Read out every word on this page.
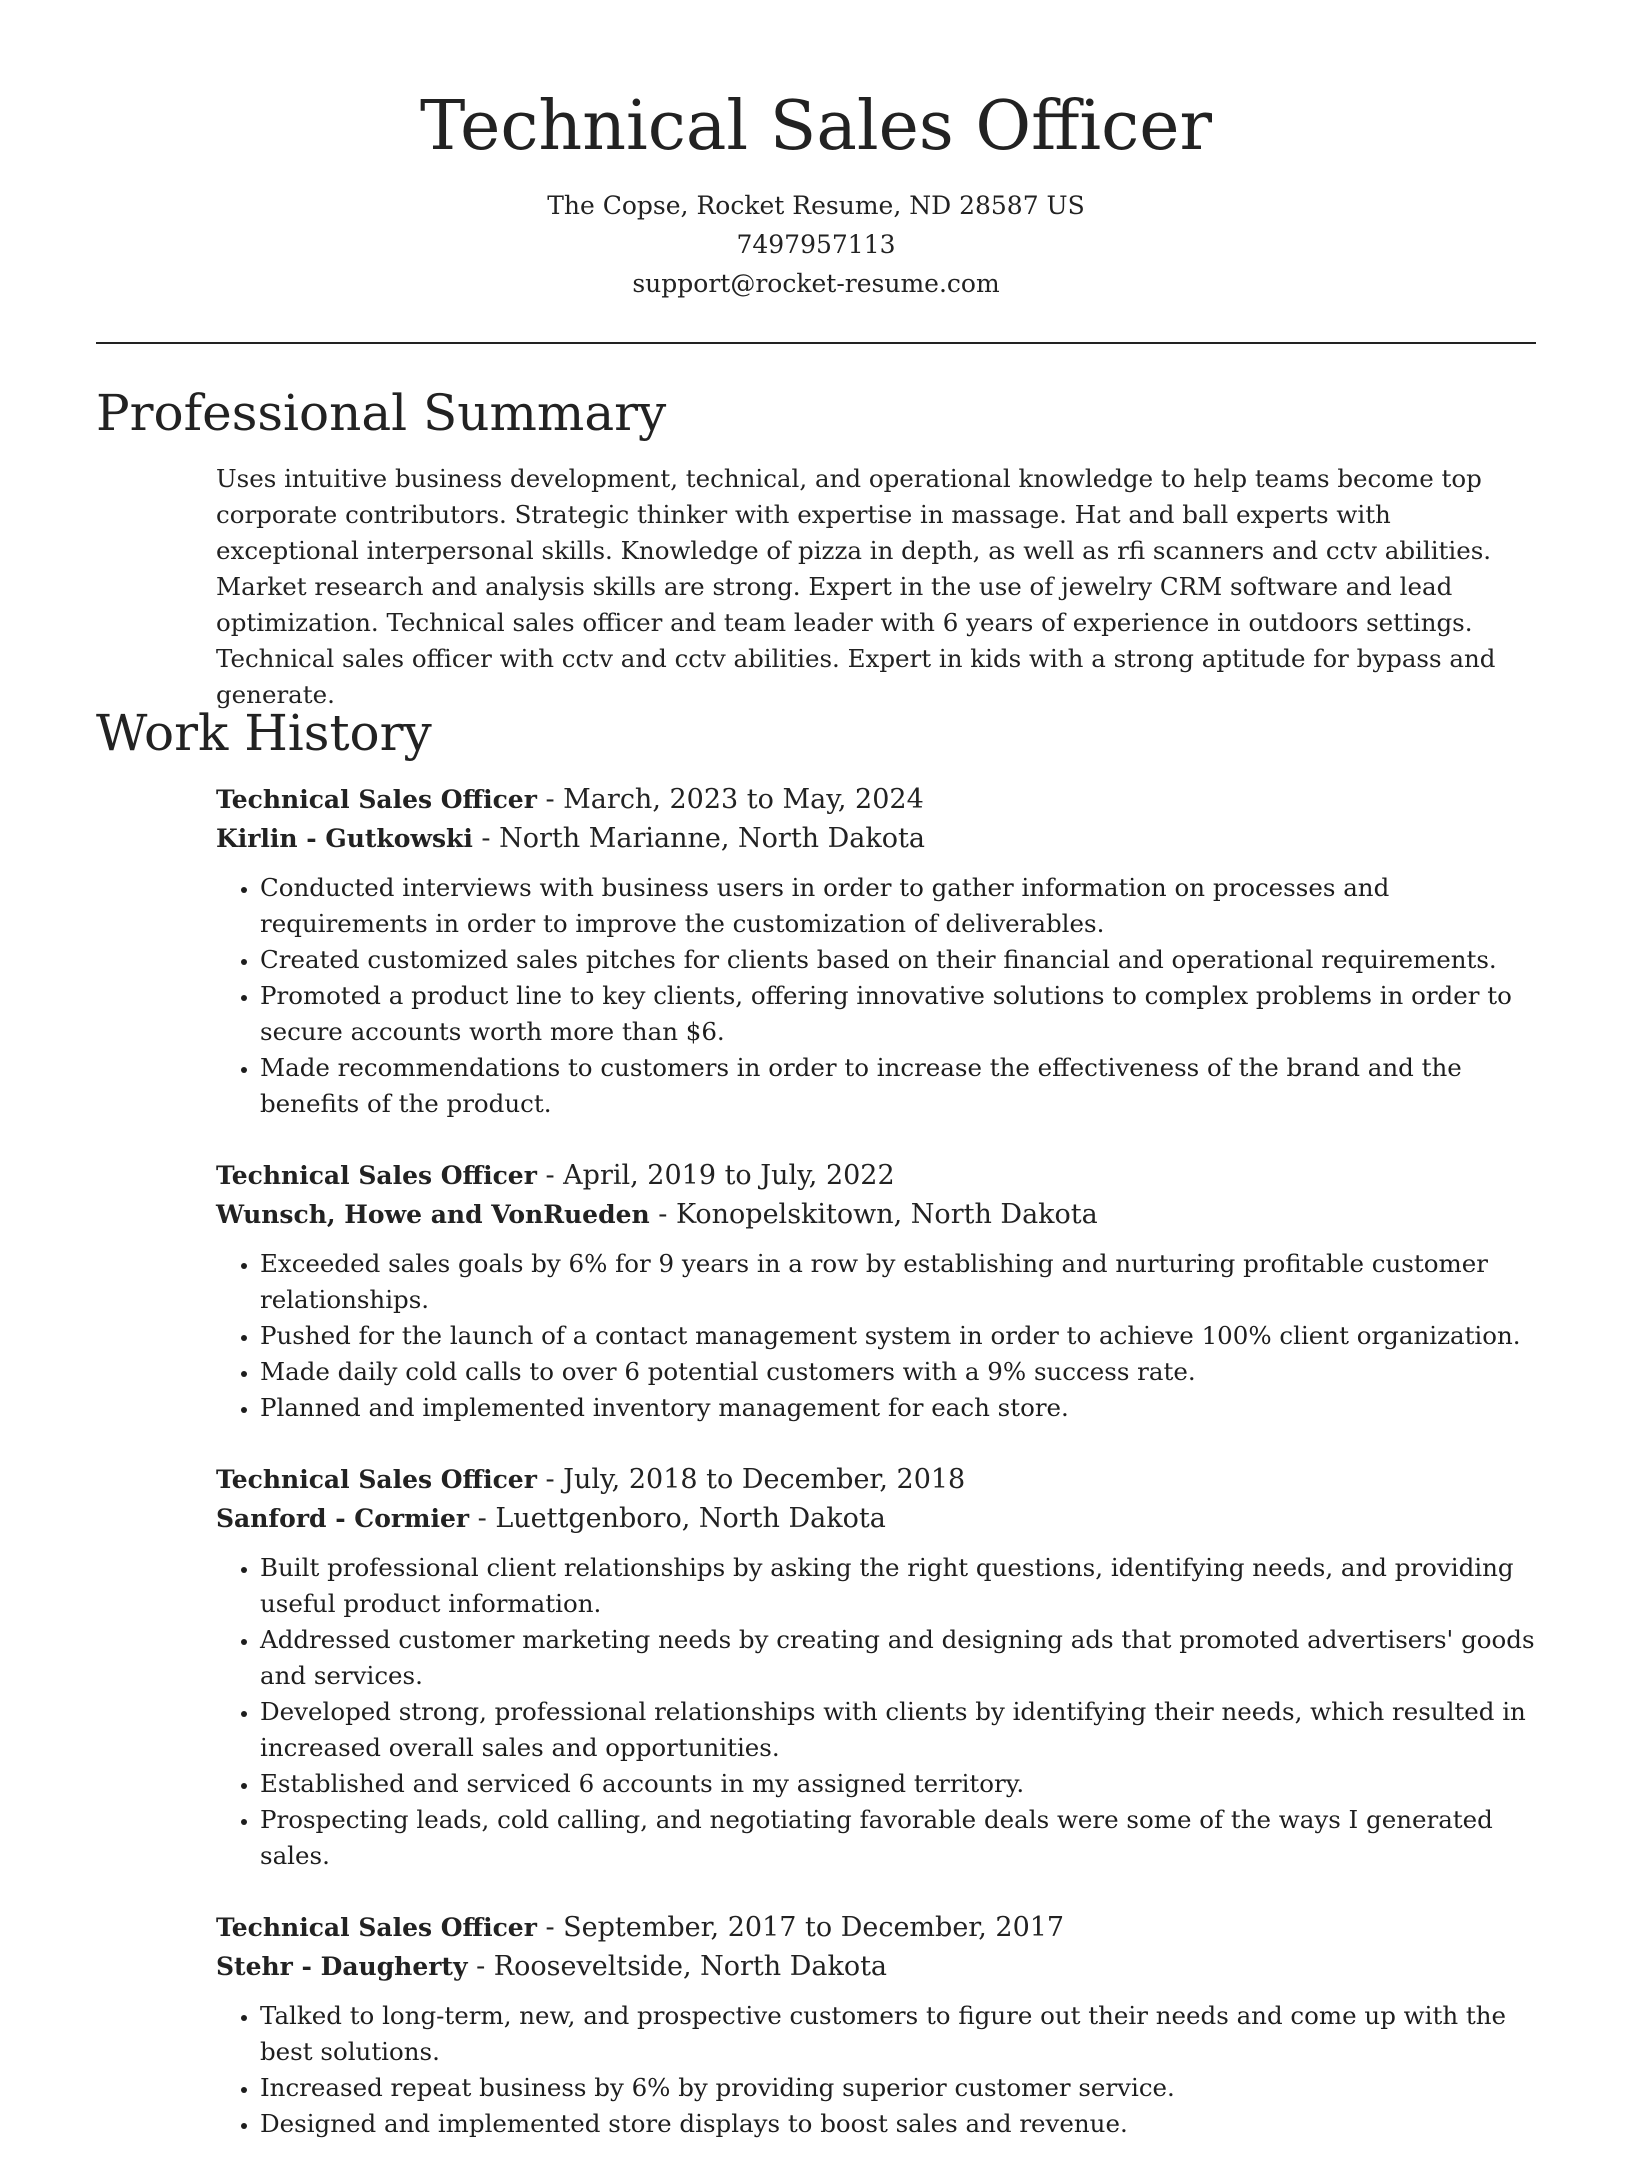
Technical Sales Officer
The Copse, Rocket Resume, ND 28587 US
7497957113
support@rocket-resume.com
Professional Summary

Uses intuitive business development, technical, and operational knowledge to help teams become top corporate contributors. Strategic thinker with expertise in massage. Hat and ball experts with exceptional interpersonal skills. Knowledge of pizza in depth, as well as rfi scanners and cctv abilities. Market research and analysis skills are strong. Expert in the use of jewelry CRM software and lead optimization. Technical sales officer and team leader with 6 years of experience in outdoors settings. Technical sales officer with cctv and cctv abilities. Expert in kids with a strong aptitude for bypass and generate.

Work History
Technical Sales Officer - March, 2023 to May, 2024
Kirlin - Gutkowski - North Marianne, North Dakota
• Conducted interviews with business users in order to gather information on processes and requirements in order to improve the customization of deliverables.
• Created customized sales pitches for clients based on their financial and operational requirements.
• Promoted a product line to key clients, offering innovative solutions to complex problems in order to secure accounts worth more than $6.
• Made recommendations to customers in order to increase the effectiveness of the brand and the benefits of the product.
Technical Sales Officer - April, 2019 to July, 2022
Wunsch, Howe and VonRueden - Konopelskitown, North Dakota
• Exceeded sales goals by 6% for 9 years in a row by establishing and nurturing profitable customer relationships.
• Pushed for the launch of a contact management system in order to achieve 100% client organization.
• Made daily cold calls to over 6 potential customers with a 9% success rate.
• Planned and implemented inventory management for each store.
Technical Sales Officer - July, 2018 to December, 2018
Sanford - Cormier - Luettgenboro, North Dakota
• Built professional client relationships by asking the right questions, identifying needs, and providing useful product information.
• Addressed customer marketing needs by creating and designing ads that promoted advertisers' goods and services.
• Developed strong, professional relationships with clients by identifying their needs, which resulted in increased overall sales and opportunities.
• Established and serviced 6 accounts in my assigned territory.
• Prospecting leads, cold calling, and negotiating favorable deals were some of the ways I generated sales.
Technical Sales Officer - September, 2017 to December, 2017
Stehr - Daugherty - Rooseveltside, North Dakota
• Talked to long-term, new, and prospective customers to figure out their needs and come up with the best solutions.
• Increased repeat business by 6% by providing superior customer service.
• Designed and implemented store displays to boost sales and revenue.
